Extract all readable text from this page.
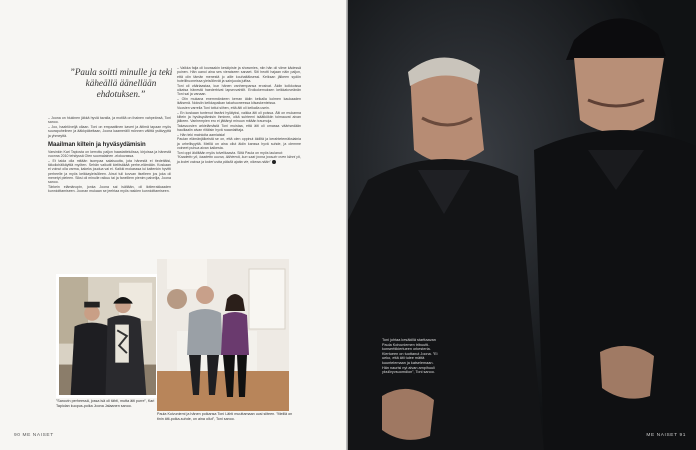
”Paula soitti minulle ja teki käheällä äänellään ehdotuksen.”

– Joona on hiukinen jäkkä hyviä tavalla, ja motillä on ihainen vahpeänsä, Toni sanoo.

– Joo, haahtöveljä ollaan. Toni on empaattinen kaveri ja äitimä tapaan myös suurapuhelinen ja ääkkpäkeitaan, Joona kaamerälli mönnen välittä ystävyyttä ja yhmeyttä.

Maailman kiltein ja hyväsydämisin

Varsinkin Kari Tapiosta on kerrottu paljon haastattelulissa, kirjoissa ja hänestä vuonna 2010 tehdyssä Olen suomalainen -elokuvassa.

– Et taida olla mitään isompaa salaisuutta, jota hänestä ei tiedettäisi, täkoliohälkäyttiä myöten. Sehän vaikutti kielitsäkää perhe-elämään. Koskaan ei voinut olla varma, kakeks joudua vai ei. Kaikki mokasssa iui kaitenkin hyvitti perheelle ja myös keikkayleisölleen. Ainut tuli kovvan itselleen jos joka oli menetyt pieleen. Siksi oli minulle raikuu tai ja fanelliem pienim palvelija, Joona sanoo.

Tärkein elämänopin, jonka Joona sai isältään, oli ilotlerrakkaaden kunnioittamiseen. Joonan mukaan se jeehtaa myös raskien kunnioittamiseen.

– Vaikka faija oli kovasakin keskipiste ja showmies, niin hän oli viime kädessä puinen. Hän uanoi aina ses vieraiseen sanaet. Siti heotti hajaan näin paljon, että olin tämän menestä jo aille kouhaitäksessi. Keiksan jälkeen sydön hotellihuoneissa yleisöllevät ja sainjuoda juffaa.

Toni oli vääriaastaa, kun hänen vanhempansa erosivat. Äidin kolkkoissa uikatsa hänestä haederbivat lapsevvahtilt. Eroikokemuksen keikkatoveänän Toni sai ja vanaan.

– Olin mukana enemmänkeen kerran äidin keikalla kolmen kaukaaden ikäisenä. Noksiin keikkapaikan takahuoneessa kiisaskenteissa.

Vuosien varrella Toni tottui siihen, että äiti oli keikalla usein.

– En koskaan tuntenut itseäni hylätyksi, vaikka äiti oli poissa. Äiti on mukanna kiltein ja hyväsydämisin ihminen, oikä suhteeni isäätkökiin toimauvat aivan jälkeen. Vanhempien ero ei jättänyt minuun mitään traumoja.

Takavuosien arkielämästä Toni muistaa, että äiti oli omassa väärisedään hauiliaaiin aivan riitäisin hyvä ruaanlaittaja.

– Hän teki mainioita aamiaisia!

Paulan elämänjälkeistä se on, että olen oppinut äidiltä ja kerahtetemäksiainia ja urhellisyyttä. Meillä on aina ollut äidin kanssa hyvä suhde, ja olemme voineet puhua aivan kaikesta.

Toni oppi äidiltään myös tolvelikaavia. Siitä Paula on myös laulanut:

"Kaadetto yö, kaadetto uuvoa, äähteroä, kun saat joona joosuin oven kiinni yö, ja kokei vaiosa ja kokei ustta pälsiiä ajatta vie, oikeaa nään"

”Sanovin perheessä, jossa isä oli tähti, mutta äiti purre”, Kari Tapiolan kuopus-poika Joona Jalaanen sanoo.
Paula Koivuniemi ja hänen poikansa Toni Lähti muuttamaan uusi siiteen. ”Meillä on tinin äiti-poika-suhde, on aina ollut”, Toni sanoo.
90 ME NAISET
Toni johtaa kesäkillä starttaavan Paula Koivuniemen tribuutti-konserttikiertueen orkesteria. Kiertueen on tuottanut Joona. ”Ei ueko, että äiti tulee mättä kuuntelemaan ja katselemaan. Hän naurisi nyt aivan ampihuuli yksiöryvsuomdion”, Toni sanoo.
ME NAISET 91
